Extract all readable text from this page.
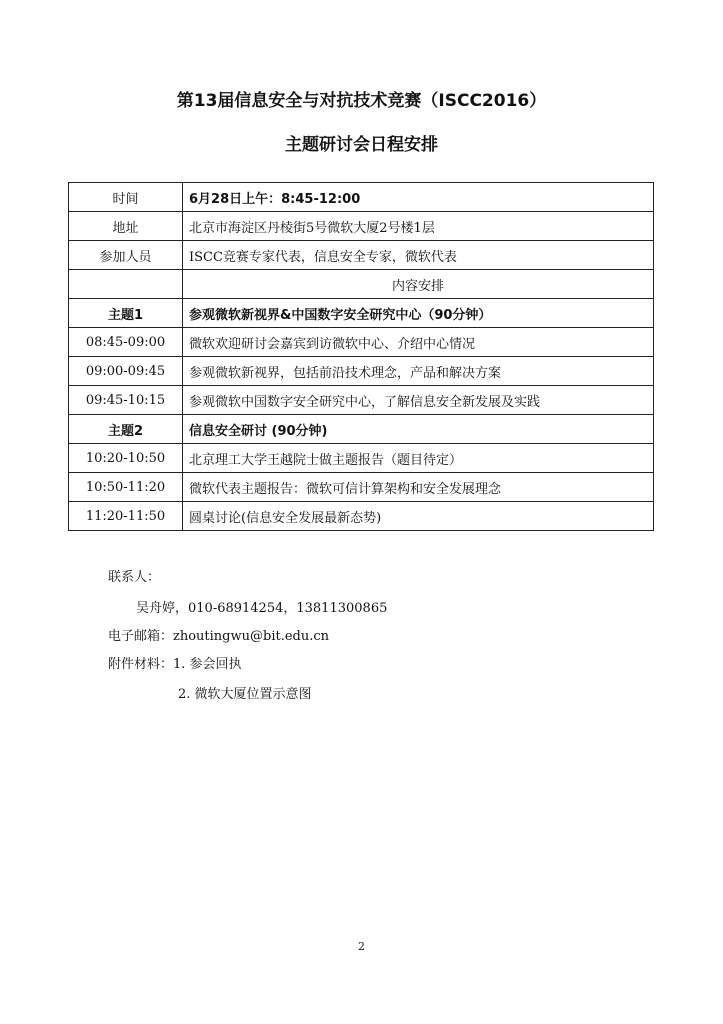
第13届信息安全与对抗技术竞赛（ISCC2016）
主题研讨会日程安排
时间	6月28日上午：8:45-12:00
地址	北京市海淀区丹棱街5号微软大厦2号楼1层
参加人员	ISCC竞赛专家代表，信息安全专家，微软代表
	内容安排
主题1	参观微软新视界&中国数字安全研究中心（90分钟）
08:45-09:00	微软欢迎研讨会嘉宾到访微软中心、介绍中心情况
09:00-09:45	参观微软新视界，包括前沿技术理念，产品和解决方案
09:45-10:15	参观微软中国数字安全研究中心，了解信息安全新发展及实践
主题2	信息安全研讨 (90分钟)
10:20-10:50	北京理工大学王越院士做主题报告（题目待定）
10:50-11:20	微软代表主题报告：微软可信计算架构和安全发展理念
11:20-11:50	圆桌讨论(信息安全发展最新态势)
联系人：
吴舟婷，010-68914254，13811300865
电子邮箱：zhoutingwu@bit.edu.cn
附件材料：1. 参会回执
2. 微软大厦位置示意图
2
